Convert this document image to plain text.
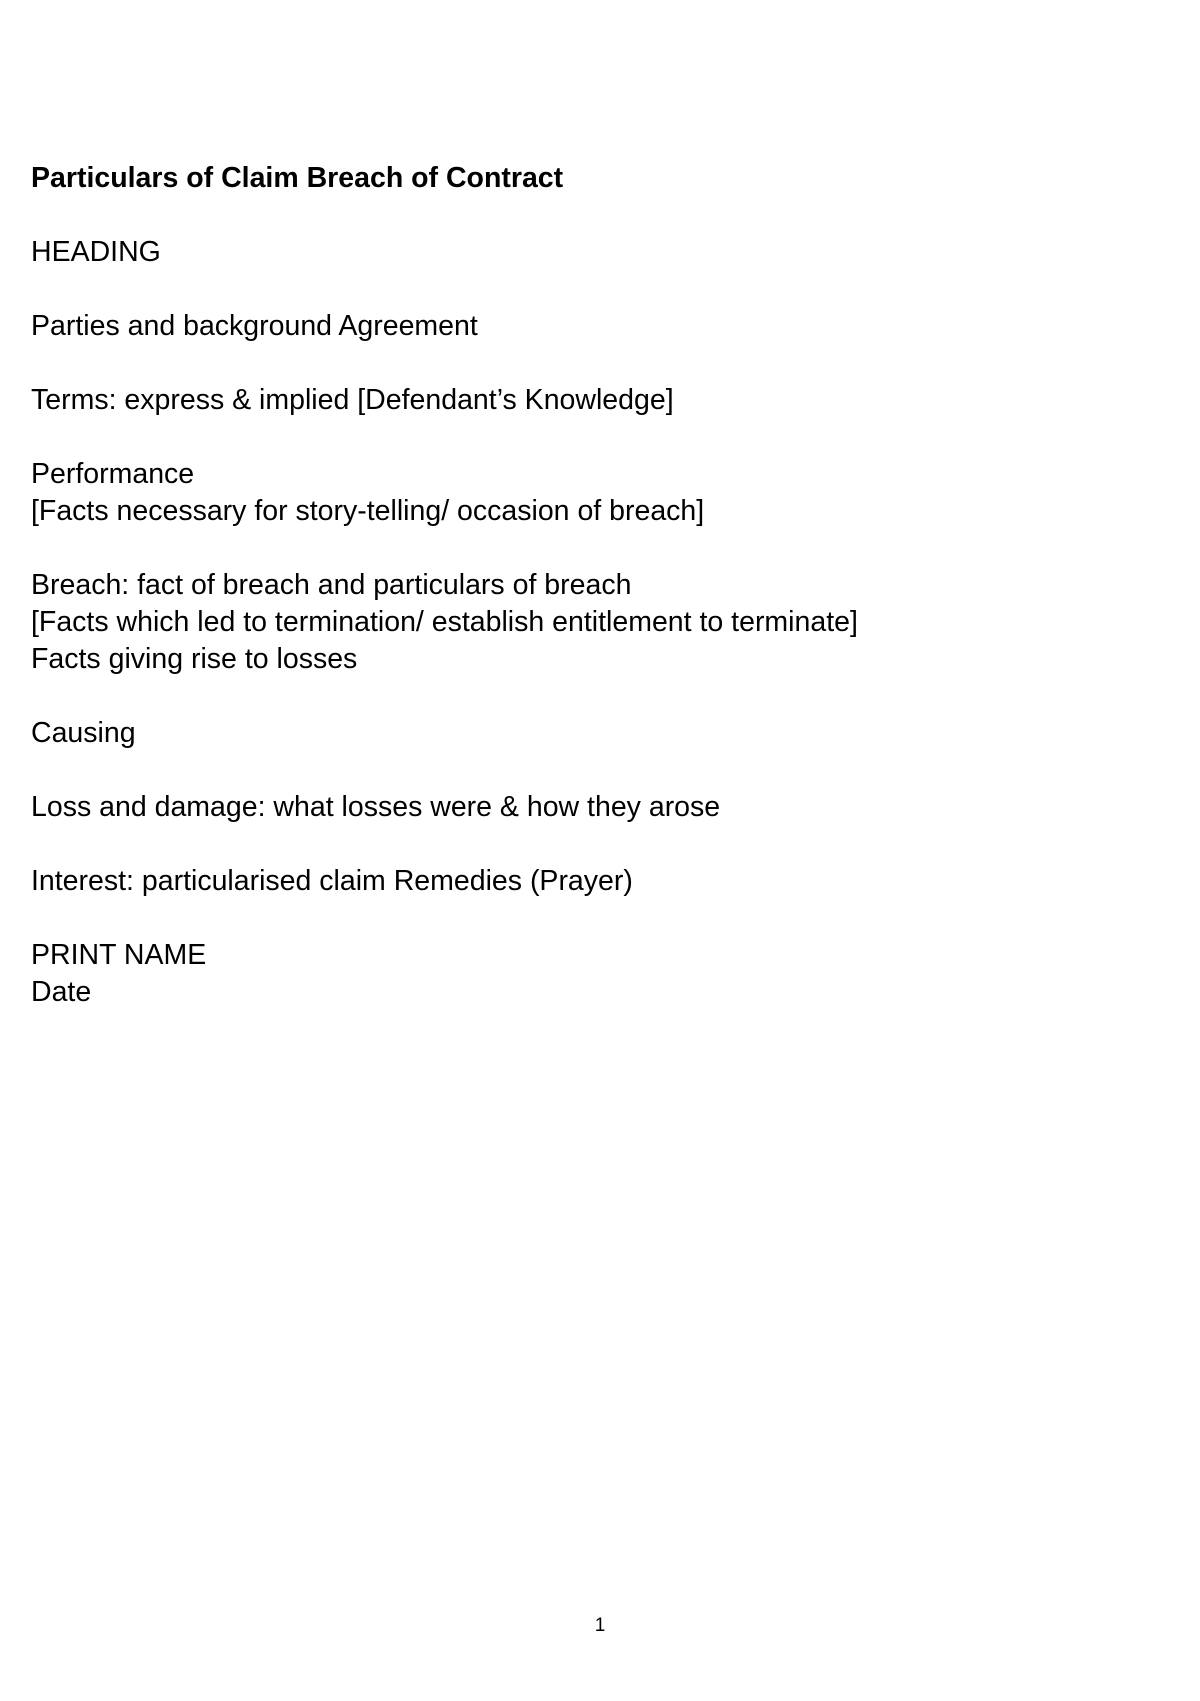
Particulars of Claim Breach of Contract
HEADING
Parties and background Agreement
Terms: express & implied [Defendant’s Knowledge]
Performance
[Facts necessary for story-telling/ occasion of breach]
Breach: fact of breach and particulars of breach
[Facts which led to termination/ establish entitlement to terminate]
Facts giving rise to losses
Causing
Loss and damage: what losses were & how they arose
Interest: particularised claim Remedies (Prayer)
PRINT NAME
Date
1
